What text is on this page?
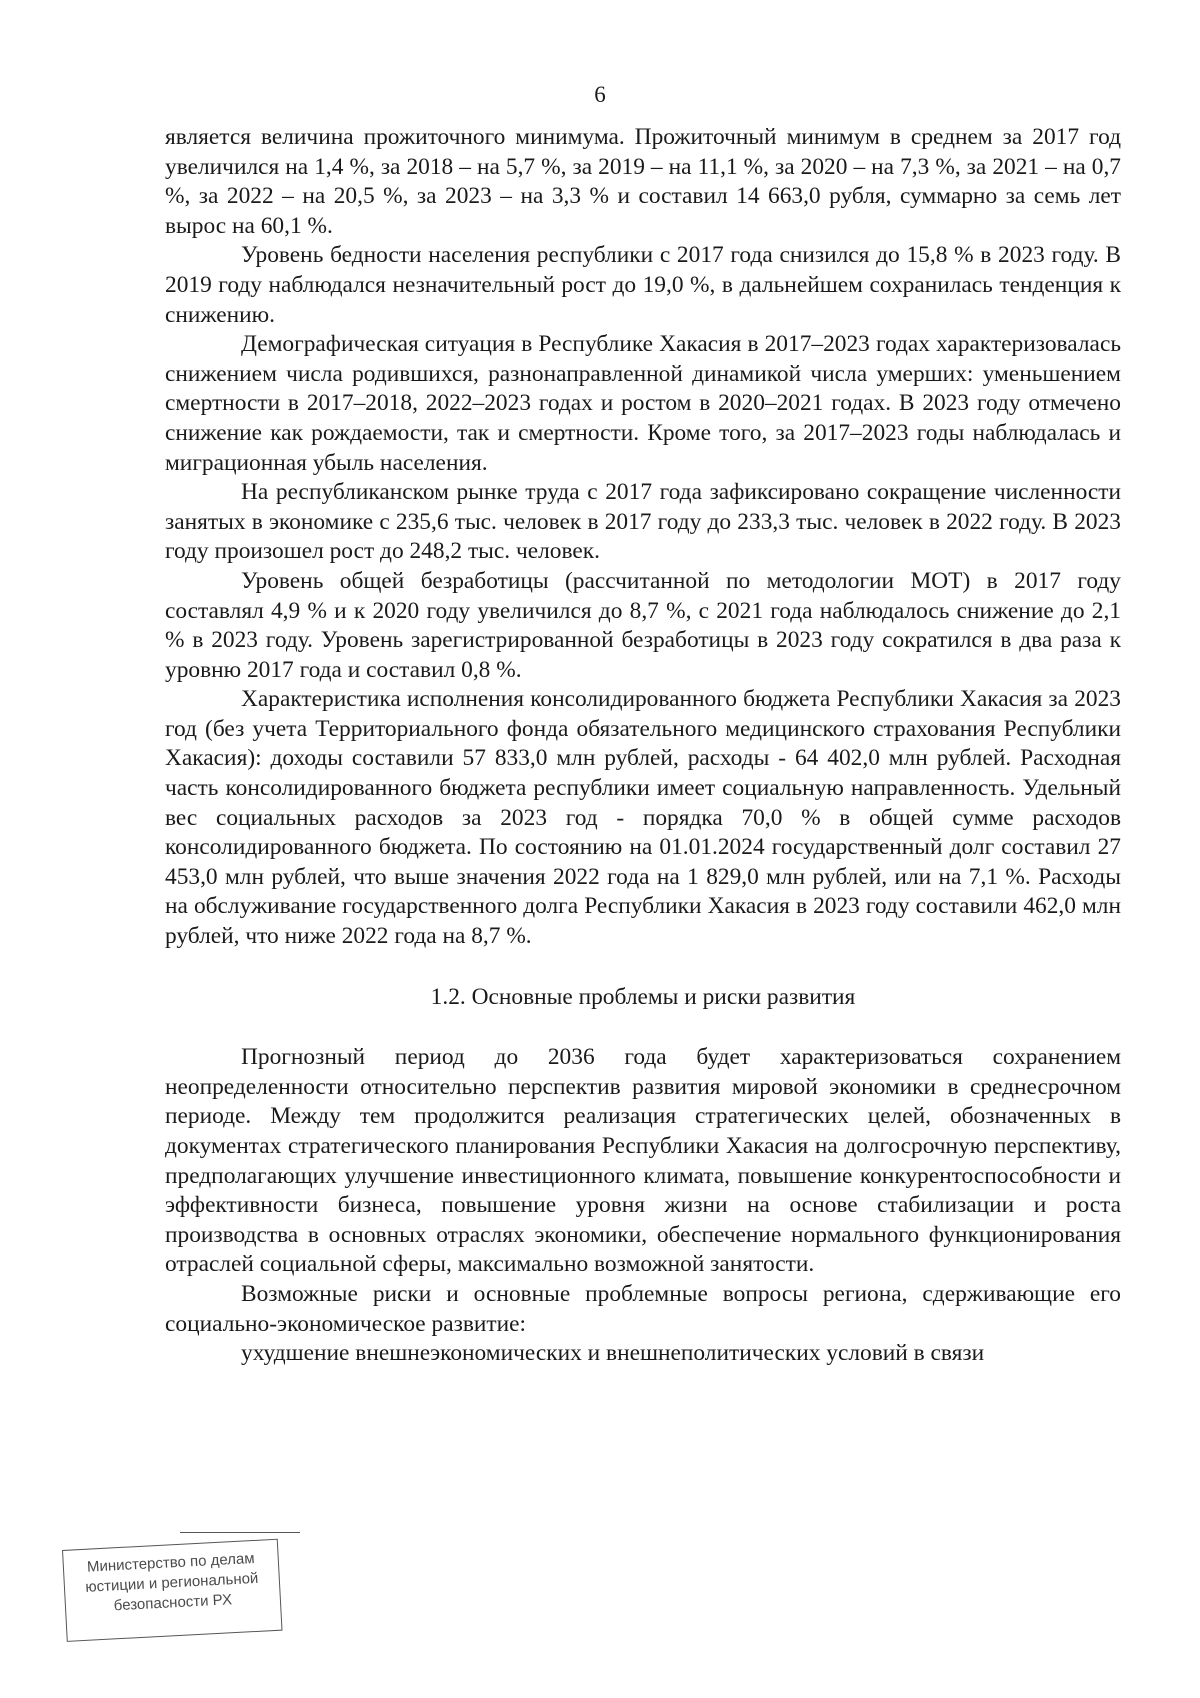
6

является величина прожиточного минимума. Прожиточный минимум в среднем за 2017 год увеличился на 1,4 %, за 2018 – на 5,7 %, за 2019 – на 11,1 %, за 2020 – на 7,3 %, за 2021 – на 0,7 %, за 2022 – на 20,5 %, за 2023 – на 3,3 % и составил 14 663,0 рубля, суммарно за семь лет вырос на 60,1 %.

Уровень бедности населения республики с 2017 года снизился до 15,8 % в 2023 году. В 2019 году наблюдался незначительный рост до 19,0 %, в дальнейшем сохранилась тенденция к снижению.

Демографическая ситуация в Республике Хакасия в 2017–2023 годах характеризовалась снижением числа родившихся, разнонаправленной динамикой числа умерших: уменьшением смертности в 2017–2018, 2022–2023 годах и ростом в 2020–2021 годах. В 2023 году отмечено снижение как рождаемости, так и смертности. Кроме того, за 2017–2023 годы наблюдалась и миграционная убыль населения.

На республиканском рынке труда с 2017 года зафиксировано сокращение численности занятых в экономике с 235,6 тыс. человек в 2017 году до 233,3 тыс. человек в 2022 году. В 2023 году произошел рост до 248,2 тыс. человек.

Уровень общей безработицы (рассчитанной по методологии МОТ) в 2017 году составлял 4,9 % и к 2020 году увеличился до 8,7 %, с 2021 года наблюдалось снижение до 2,1 % в 2023 году. Уровень зарегистрированной безработицы в 2023 году сократился в два раза к уровню 2017 года и составил 0,8 %.

Характеристика исполнения консолидированного бюджета Республики Хакасия за 2023 год (без учета Территориального фонда обязательного медицинского страхования Республики Хакасия): доходы составили 57 833,0 млн рублей, расходы - 64 402,0 млн рублей. Расходная часть консолидированного бюджета республики имеет социальную направленность. Удельный вес социальных расходов за 2023 год - порядка 70,0 % в общей сумме расходов консолидированного бюджета. По состоянию на 01.01.2024 государственный долг составил 27 453,0 млн рублей, что выше значения 2022 года на 1 829,0 млн рублей, или на 7,1 %. Расходы на обслуживание государственного долга Республики Хакасия в 2023 году составили 462,0 млн рублей, что ниже 2022 года на 8,7 %.

1.2. Основные проблемы и риски развития

Прогнозный период до 2036 года будет характеризоваться сохранением неопределенности относительно перспектив развития мировой экономики в среднесрочном периоде. Между тем продолжится реализация стратегических целей, обозначенных в документах стратегического планирования Республики Хакасия на долгосрочную перспективу, предполагающих улучшение инвестиционного климата, повышение конкурентоспособности и эффективности бизнеса, повышение уровня жизни на основе стабилизации и роста производства в основных отраслях экономики, обеспечение нормального функционирования отраслей социальной сферы, максимально возможной занятости.

Возможные риски и основные проблемные вопросы региона, сдерживающие его социально-экономическое развитие:

ухудшение внешнеэкономических и внешнеполитических условий в связи

Министерство по делам
юстиции и региональной
безопасности РХ
